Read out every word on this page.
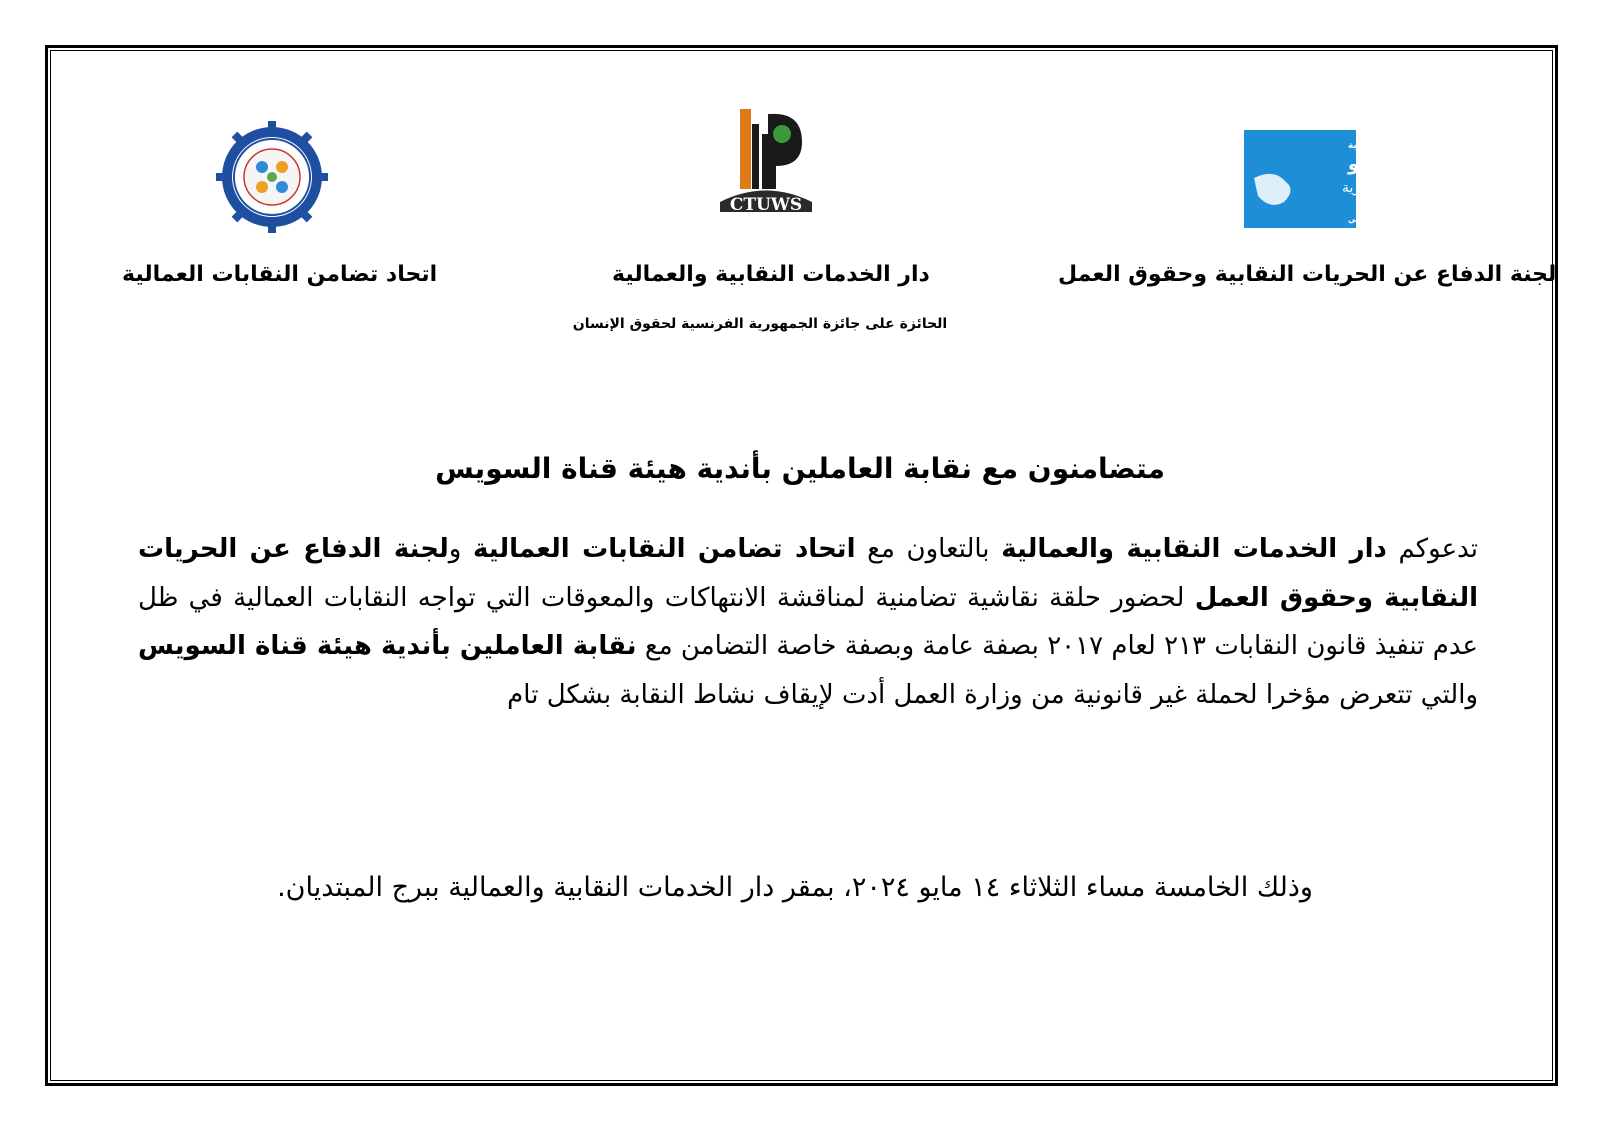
CTUWS
مجلة الحريات النقابية
نحو
الحرية
والحق في التنظيم النقابي
اتحاد تضامن النقابات العمالية	دار الخدمات النقابية والعمالية	لجنة الدفاع عن الحريات النقابية وحقوق العمل
الحائزة على جائزة الجمهورية الفرنسية لحقوق الإنسان
متضامنون مع نقابة العاملين بأندية هيئة قناة السويس
تدعوكم دار الخدمات النقابية والعمالية بالتعاون مع اتحاد تضامن النقابات العمالية ولجنة الدفاع عن الحريات النقابية وحقوق العمل لحضور حلقة نقاشية تضامنية لمناقشة الانتهاكات والمعوقات التي تواجه النقابات العمالية في ظل عدم تنفيذ قانون النقابات ٢١٣ لعام ٢٠١٧ بصفة عامة وبصفة خاصة التضامن مع نقابة العاملين بأندية هيئة قناة السويس والتي تتعرض مؤخرا لحملة غير قانونية من وزارة العمل أدت لإيقاف نشاط النقابة بشكل تام
وذلك الخامسة مساء الثلاثاء ١٤ مايو ٢٠٢٤، بمقر دار الخدمات النقابية والعمالية ببرج المبتديان.
